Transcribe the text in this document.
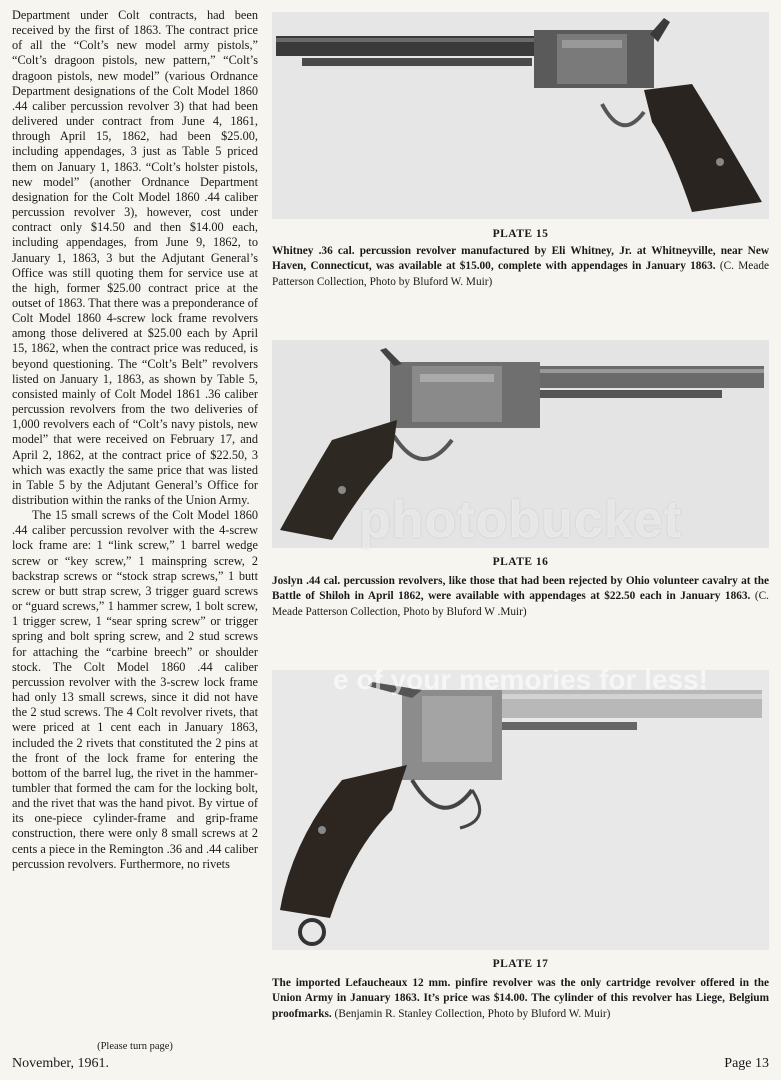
Department under Colt contracts, had been received by the first of 1863. The contract price of all the “Colt’s new model army pistols,” “Colt’s dragoon pistols, new pattern,” “Colt’s dragoon pistols, new model” (various Ordnance Department designations of the Colt Model 1860 .44 caliber percussion revolver 3) that had been delivered under contract from June 4, 1861, through April 15, 1862, had been $25.00, including appendages, 3 just as Table 5 priced them on January 1, 1863. “Colt’s holster pistols, new model” (another Ordnance Department designation for the Colt Model 1860 .44 caliber percussion revolver 3), however, cost under contract only $14.50 and then $14.00 each, including appendages, from June 9, 1862, to January 1, 1863, 3 but the Adjutant General’s Office was still quoting them for service use at the high, former $25.00 contract price at the outset of 1863. That there was a preponderance of Colt Model 1860 4-screw lock frame revolvers among those delivered at $25.00 each by April 15, 1862, when the contract price was reduced, is beyond questioning. The “Colt’s Belt” revolvers listed on January 1, 1863, as shown by Table 5, consisted mainly of Colt Model 1861 .36 caliber percussion revolvers from the two deliveries of 1,000 revolvers each of “Colt’s navy pistols, new model” that were received on February 17, and April 2, 1862, at the contract price of $22.50, 3 which was exactly the same price that was listed in Table 5 by the Adjutant General’s Office for distribution within the ranks of the Union Army.

The 15 small screws of the Colt Model 1860 .44 caliber percussion revolver with the 4-screw lock frame are: 1 “link screw,” 1 barrel wedge screw or “key screw,” 1 mainspring screw, 2 backstrap screws or “stock strap screws,” 1 butt screw or butt strap screw, 3 trigger guard screws or “guard screws,” 1 hammer screw, 1 bolt screw, 1 trigger screw, 1 “sear spring screw” or trigger spring and bolt spring screw, and 2 stud screws for attaching the “carbine breech” or shoulder stock. The Colt Model 1860 .44 caliber percussion revolver with the 3-screw lock frame had only 13 small screws, since it did not have the 2 stud screws. The 4 Colt revolver rivets, that were priced at 1 cent each in January 1863, included the 2 rivets that constituted the 2 pins at the front of the lock frame for entering the bottom of the barrel lug, the rivet in the hammer-tumbler that formed the cam for the locking bolt, and the rivet that was the hand pivot. By virtue of its one-piece cylinder-frame and grip-frame construction, there were only 8 small screws at 2 cents a piece in the Remington .36 and .44 caliber percussion revolvers. Furthermore, no rivets

(Please turn page)
PLATE 15
Whitney .36 cal. percussion revolver manufactured by Eli Whitney, Jr. at Whitneyville, near New Haven, Connecticut, was available at $15.00, complete with appendages in January 1863. (C. Meade Patterson Collection, Photo by Bluford W. Muir)
PLATE 16
Joslyn .44 cal. percussion revolvers, like those that had been rejected by Ohio volunteer cavalry at the Battle of Shiloh in April 1862, were available with appendages at $22.50 each in January 1863. (C. Meade Patterson Collection, Photo by Bluford W .Muir)
PLATE 17
The imported Lefaucheaux 12 mm. pinfire revolver was the only cartridge revolver offered in the Union Army in January 1863. It’s price was $14.00. The cylinder of this revolver has Liege, Belgium proofmarks. (Benjamin R. Stanley Collection, Photo by Bluford W. Muir)
photobucket
e of your memories for less!
November, 1961.	Page 13
